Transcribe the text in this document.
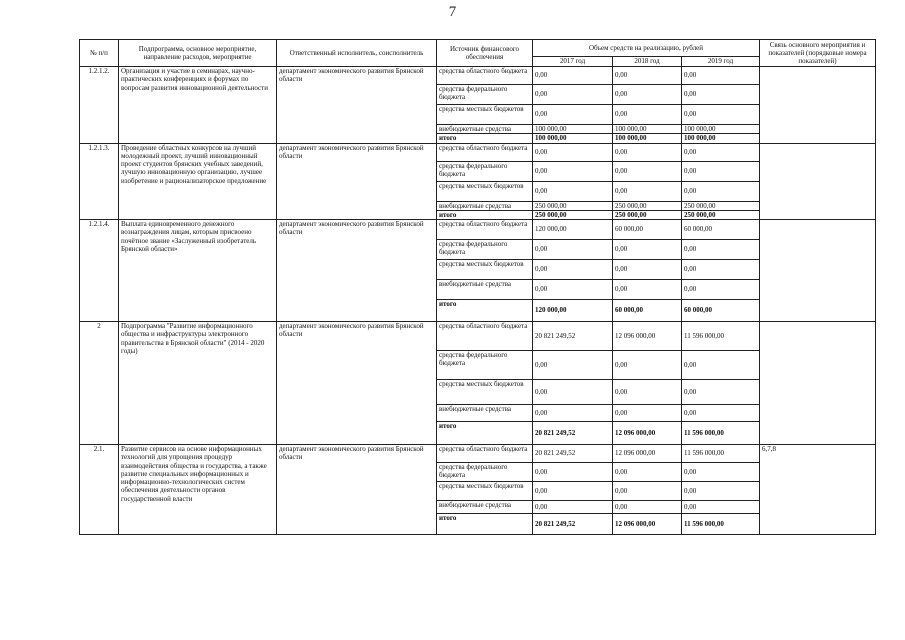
7
№ п/п	Подпрограмма, основное мероприятие, направление расходов, мероприятие	Ответственный исполнитель, соисполнитель	Источник финансового обеспечения	Объем средств на реализацию, рублей			Связь основного мероприятия и показателей (порядковые номера показателей)
				2017 год	2018 год	2019 год	
1.2.1.2.	Организация и участие в семинарах, научно-практических конференциях и форумах по вопросам развития инновационной деятельности	департамент экономического развития Брянской области	средства областного бюджета	0,00	0,00	0,00	
			средства федерального бюджета	0,00	0,00	0,00	
			средства местных бюджетов	0,00	0,00	0,00	
			внебюджетные средства	100 000,00	100 000,00	100 000,00	
			итого	100 000,00	100 000,00	100 000,00	
1.2.1.3.	Проведение областных конкурсов на лучший молодежный проект, лучший инновационный проект студентов брянских учебных заведений, лучшую инновационную организацию, лучшее изобретение и рационализаторское предложение	департамент экономического развития Брянской области	средства областного бюджета	0,00	0,00	0,00	
			средства федерального бюджета	0,00	0,00	0,00	
			средства местных бюджетов	0,00	0,00	0,00	
			внебюджетные средства	250 000,00	250 000,00	250 000,00	
			итого	250 000,00	250 000,00	250 000,00	
1.2.1.4.	Выплата единовременного денежного вознаграждения лицам, которым присвоено почётное звание «Заслуженный изобретатель Брянской области»	департамент экономического развития Брянской области	средства областного бюджета	120 000,00	60 000,00	60 000,00	
			средства федерального бюджета	0,00	0,00	0,00	
			средства местных бюджетов	0,00	0,00	0,00	
			внебюджетные средства	0,00	0,00	0,00	
			итого	120 000,00	60 000,00	60 000,00	
2	Подпрограмма "Развитие информационного общества и инфраструктуры электронного правительства в Брянской области" (2014 - 2020 годы)	департамент экономического развития Брянской области	средства областного бюджета	20 821 249,52	12 096 000,00	11 596 000,00	
			средства федерального бюджета	0,00	0,00	0,00	
			средства местных бюджетов	0,00	0,00	0,00	
			внебюджетные средства	0,00	0,00	0,00	
			итого	20 821 249,52	12 096 000,00	11 596 000,00	
2.1.	Развитие сервисов на основе информационных технологий для упрощения процедур взаимодействия общества и государства, а также развитие специальных информационных и информационно-технологических систем обеспечения деятельности органов государственной власти	департамент экономического развития Брянской области	средства областного бюджета	20 821 249,52	12 096 000,00	11 596 000,00	6,7,8
			средства федерального бюджета	0,00	0,00	0,00	
			средства местных бюджетов	0,00	0,00	0,00	
			внебюджетные средства	0,00	0,00	0,00	
			итого	20 821 249,52	12 096 000,00	11 596 000,00	
